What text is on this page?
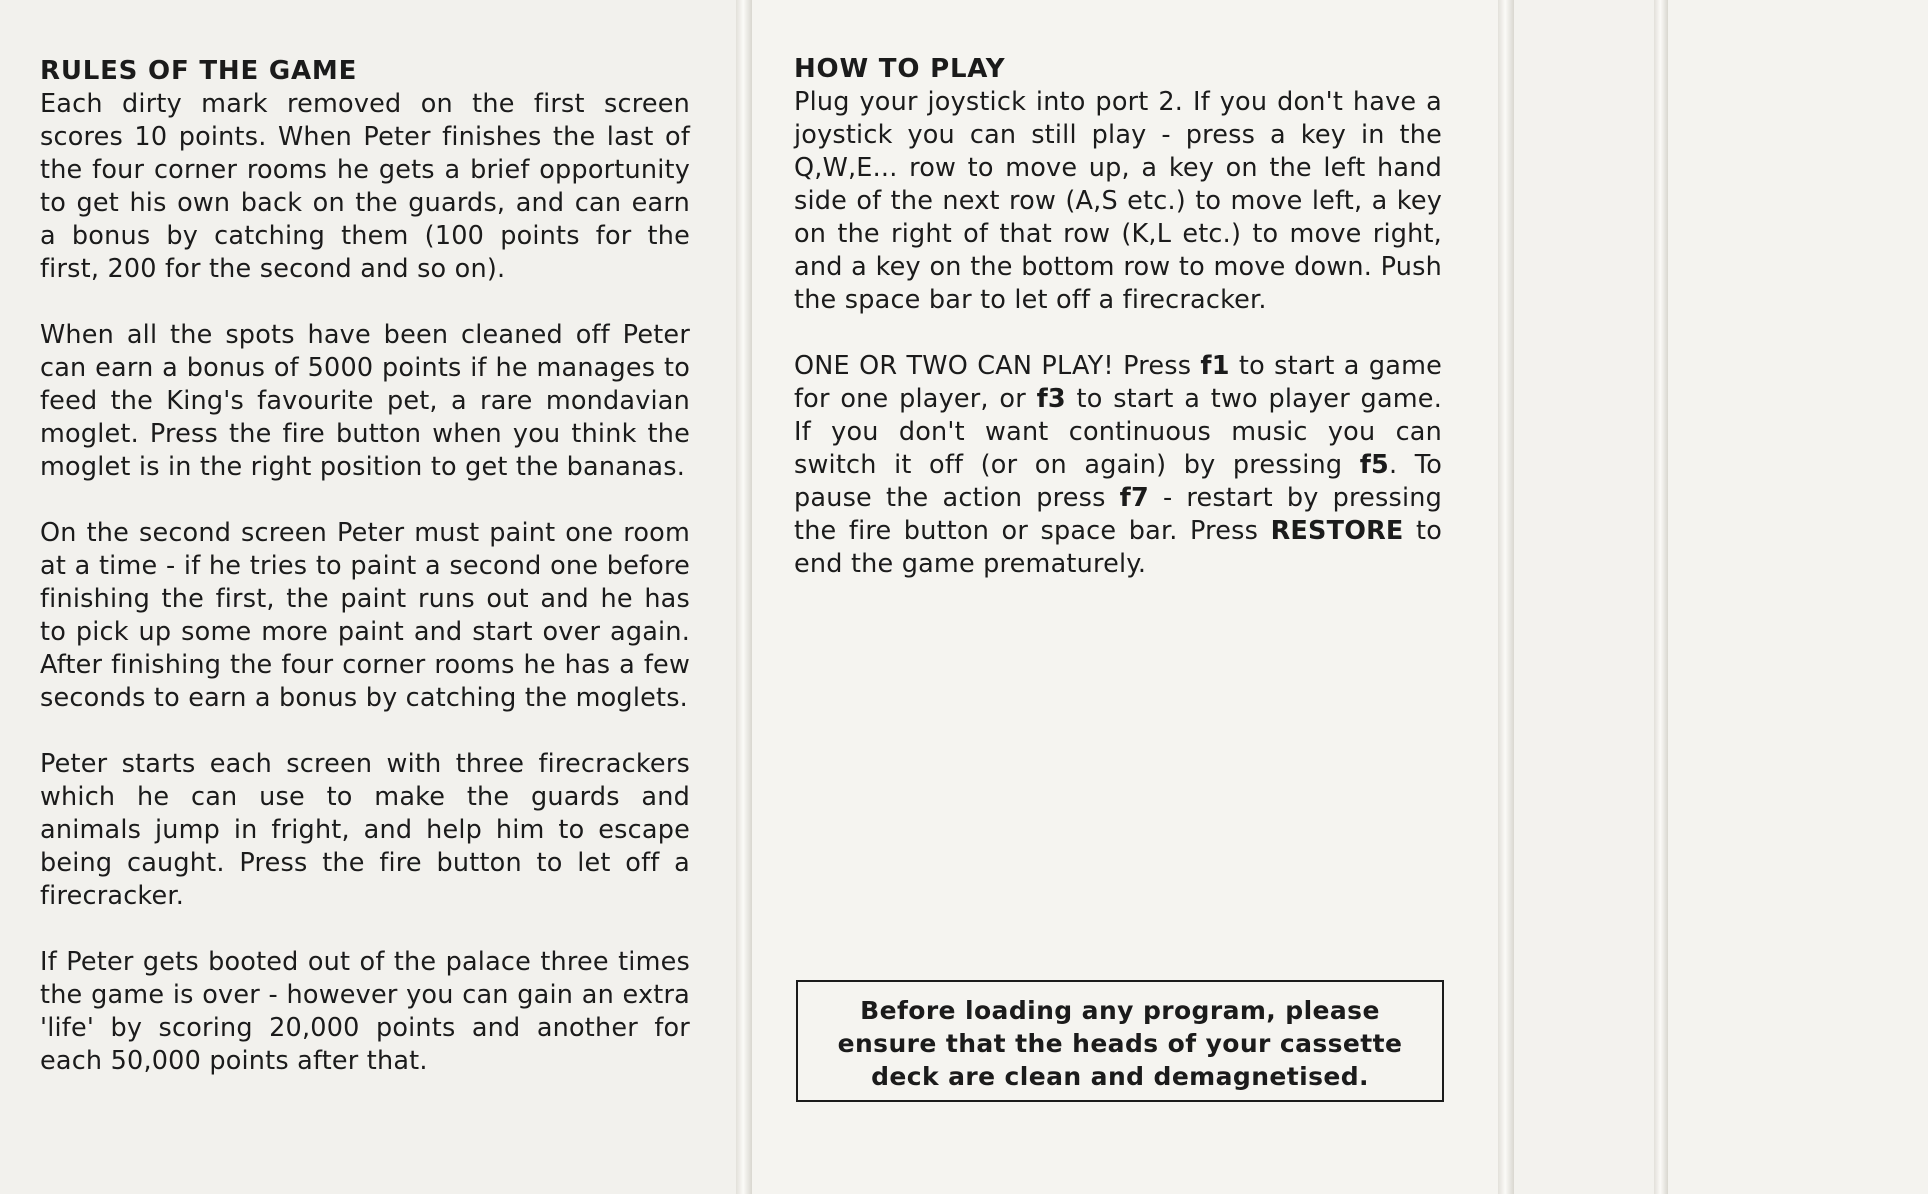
RULES OF THE GAME

Each dirty mark removed on the first screen scores 10 points. When Peter finishes the last of the four corner rooms he gets a brief opportunity to get his own back on the guards, and can earn a bonus by catching them (100 points for the first, 200 for the second and so on).

When all the spots have been cleaned off Peter can earn a bonus of 5000 points if he manages to feed the King's favourite pet, a rare mondavian moglet. Press the fire button when you think the moglet is in the right position to get the bananas.

On the second screen Peter must paint one room at a time - if he tries to paint a second one before finishing the first, the paint runs out and he has to pick up some more paint and start over again. After finishing the four corner rooms he has a few seconds to earn a bonus by catching the moglets.

Peter starts each screen with three firecrackers which he can use to make the guards and animals jump in fright, and help him to escape being caught. Press the fire button to let off a firecracker.

If Peter gets booted out of the palace three times the game is over - however you can gain an extra 'life' by scoring 20,000 points and another for each 50,000 points after that.

HOW TO PLAY

Plug your joystick into port 2. If you don't have a joystick you can still play - press a key in the Q,W,E... row to move up, a key on the left hand side of the next row (A,S etc.) to move left, a key on the right of that row (K,L etc.) to move right, and a key on the bottom row to move down. Push the space bar to let off a firecracker.

ONE OR TWO CAN PLAY! Press f1 to start a game for one player, or f3 to start a two player game. If you don't want continuous music you can switch it off (or on again) by pressing f5. To pause the action press f7 - restart by pressing the fire button or space bar. Press RESTORE to end the game prematurely.

Before loading any program, please ensure that the heads of your cassette deck are clean and demagnetised.
